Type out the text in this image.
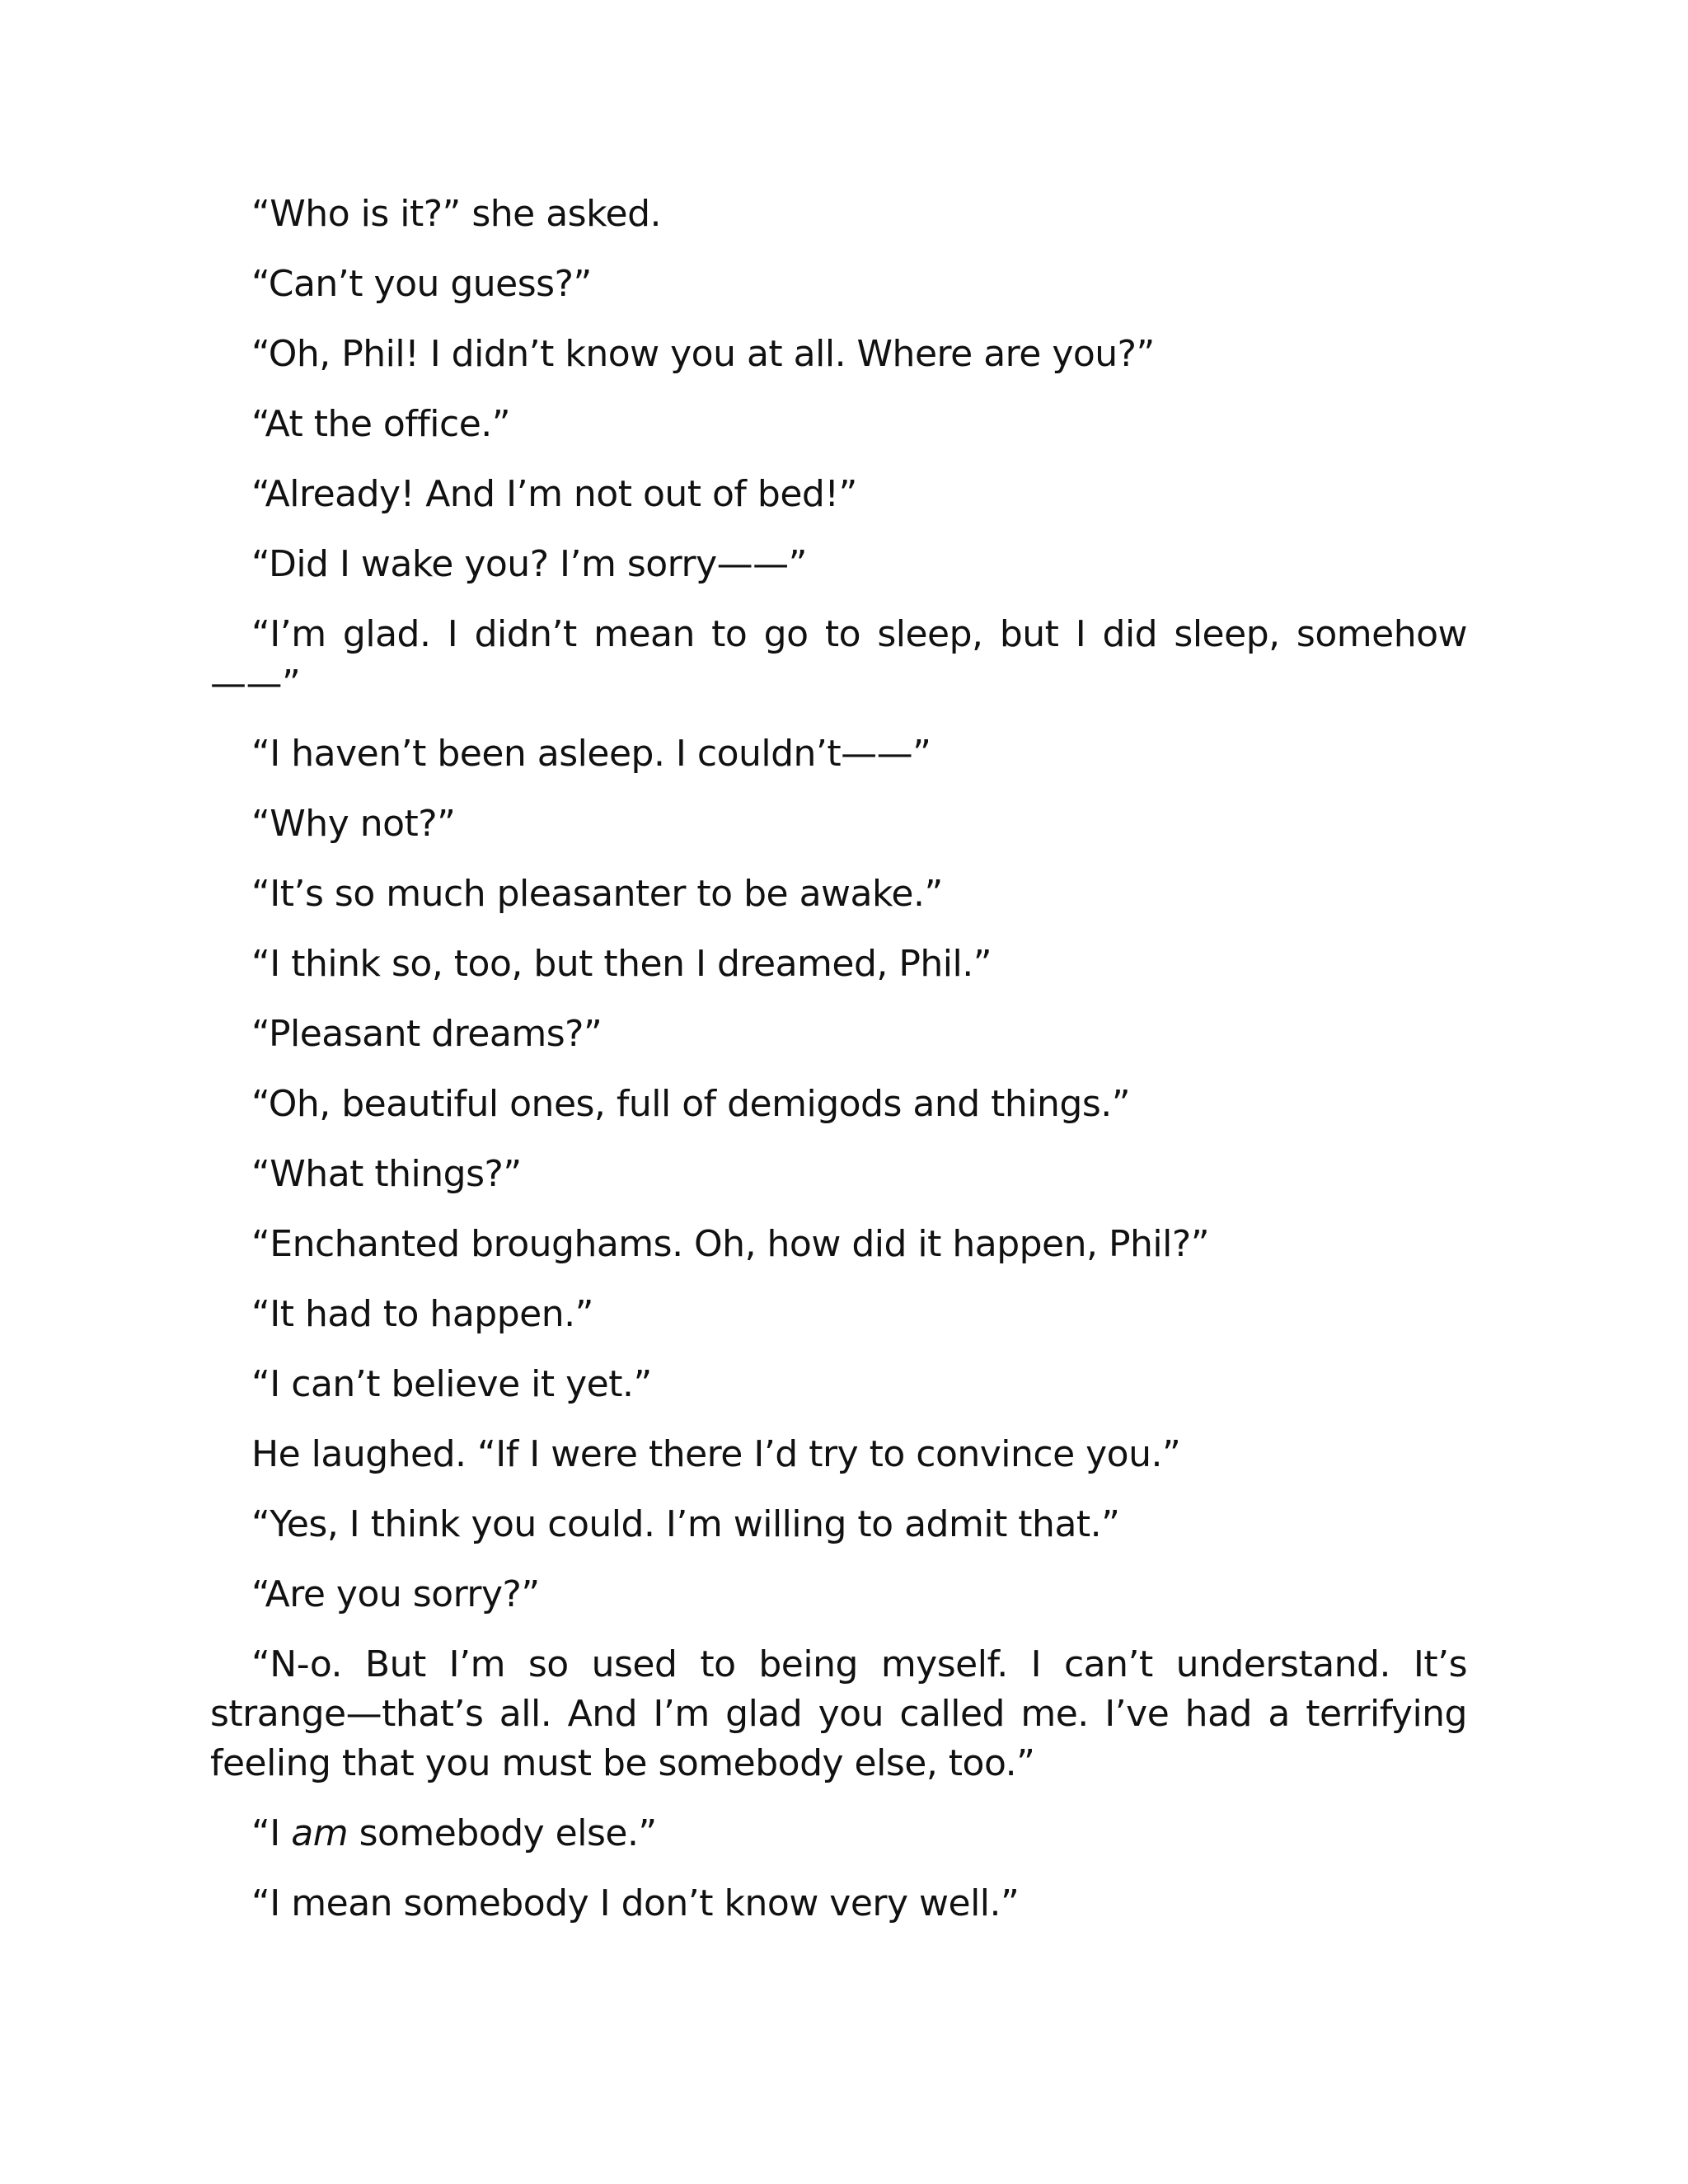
“Who is it?” she asked.

“Can’t you guess?”

“Oh, Phil! I didn’t know you at all. Where are you?”

“At the office.”

“Already! And I’m not out of bed!”

“Did I wake you? I’m sorry——”

“I’m glad. I didn’t mean to go to sleep, but I did sleep, somehow ——”

“I haven’t been asleep. I couldn’t——”

“Why not?”

“It’s so much pleasanter to be awake.”

“I think so, too, but then I dreamed, Phil.”

“Pleasant dreams?”

“Oh, beautiful ones, full of demigods and things.”

“What things?”

“Enchanted broughams. Oh, how did it happen, Phil?”

“It had to happen.”

“I can’t believe it yet.”

He laughed. “If I were there I’d try to convince you.”

“Yes, I think you could. I’m willing to admit that.”

“Are you sorry?”

“N-o. But I’m so used to being myself. I can’t understand. It’s strange—that’s all. And I’m glad you called me. I’ve had a terrifying feeling that you must be somebody else, too.”

“I am somebody else.”

“I mean somebody I don’t know very well.”
